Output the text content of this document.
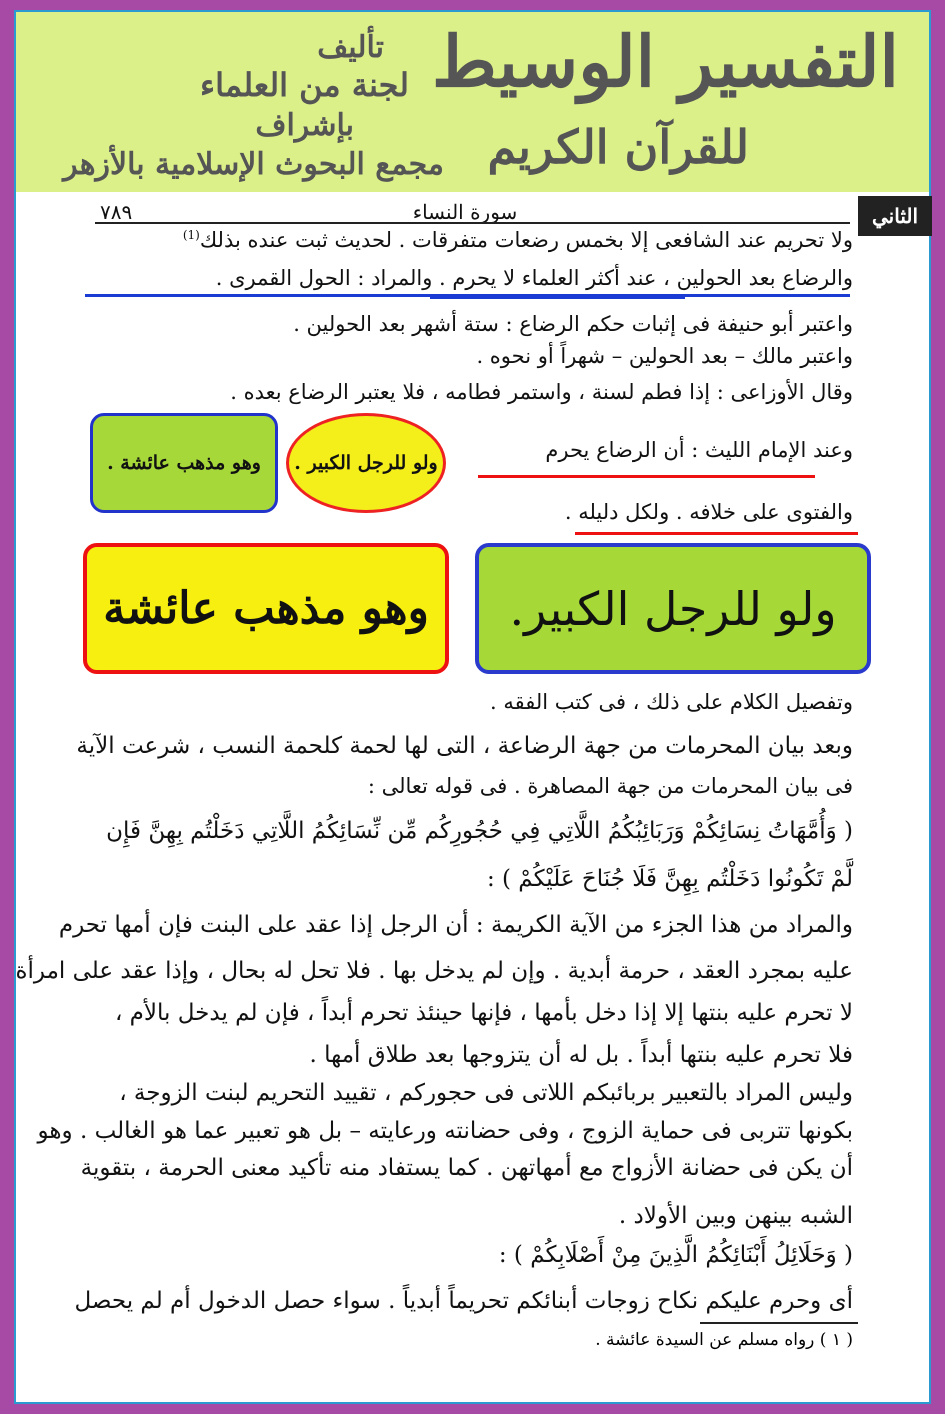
التفسير الوسيط
للقرآن الكريم
تأليف
لجنة من العلماء
بإشراف
مجمع البحوث الإسلامية بالأزهر
الثاني
٧٨٩	سورة النساء
ولا تحريم عند الشافعى إلا بخمس رضعات متفرقات . لحديث ثبت عنده بذلك$^{(1)}$
والرضاع بعد الحولين ، عند أكثر العلماء لا يحرم . والمراد : الحول القمرى .
واعتبر أبو حنيفة فى إثبات حكم الرضاع : ستة أشهر بعد الحولين .
واعتبر مالك – بعد الحولين – شهراً أو نحوه .
وقال الأوزاعى : إذا فطم لسنة ، واستمر فطامه ، فلا يعتبر الرضاع بعده .
وعند الإمام الليث : أن الرضاع يحرم
والفتوى على خلافه . ولكل دليله .
وهو مذهب عائشة .	ولو للرجل الكبير .
وهو مذهب عائشة	ولو للرجل الكبير.
وتفصيل الكلام على ذلك ، فى كتب الفقه .
وبعد بيان المحرمات من جهة الرضاعة ، التى لها لحمة كلحمة النسب ، شرعت الآية
فى بيان المحرمات من جهة المصاهرة . فى قوله تعالى :
( وَأُمَّهَاتُ نِسَائِكُمْ وَرَبَائِبُكُمُ اللَّاتِي فِي حُجُورِكُم مِّن نِّسَائِكُمُ اللَّاتِي دَخَلْتُم بِهِنَّ فَإِن
لَّمْ تَكُونُوا دَخَلْتُم بِهِنَّ فَلَا جُنَاحَ عَلَيْكُمْ ) :
والمراد من هذا الجزء من الآية الكريمة : أن الرجل إذا عقد على البنت فإن أمها تحرم
عليه بمجرد العقد ، حرمة أبدية . وإن لم يدخل بها . فلا تحل له بحال ، وإذا عقد على امرأة
لا تحرم عليه بنتها إلا إذا دخل بأمها ، فإنها حينئذ تحرم أبداً ، فإن لم يدخل بالأم ،
فلا تحرم عليه بنتها أبداً . بل له أن يتزوجها بعد طلاق أمها .
وليس المراد بالتعبير بربائبكم اللاتى فى حجوركم ، تقييد التحريم لبنت الزوجة ،
بكونها تتربى فى حماية الزوج ، وفى حضانته ورعايته – بل هو تعبير عما هو الغالب . وهو
أن يكن فى حضانة الأزواج مع أمهاتهن . كما يستفاد منه تأكيد معنى الحرمة ، بتقوية
الشبه بينهن وبين الأولاد .
( وَحَلَائِلُ أَبْنَائِكُمُ الَّذِينَ مِنْ أَصْلَابِكُمْ ) :
أى وحرم عليكم نكاح زوجات أبنائكم تحريماً أبدياً . سواء حصل الدخول أم لم يحصل
( ١ ) رواه مسلم عن السيدة عائشة .
